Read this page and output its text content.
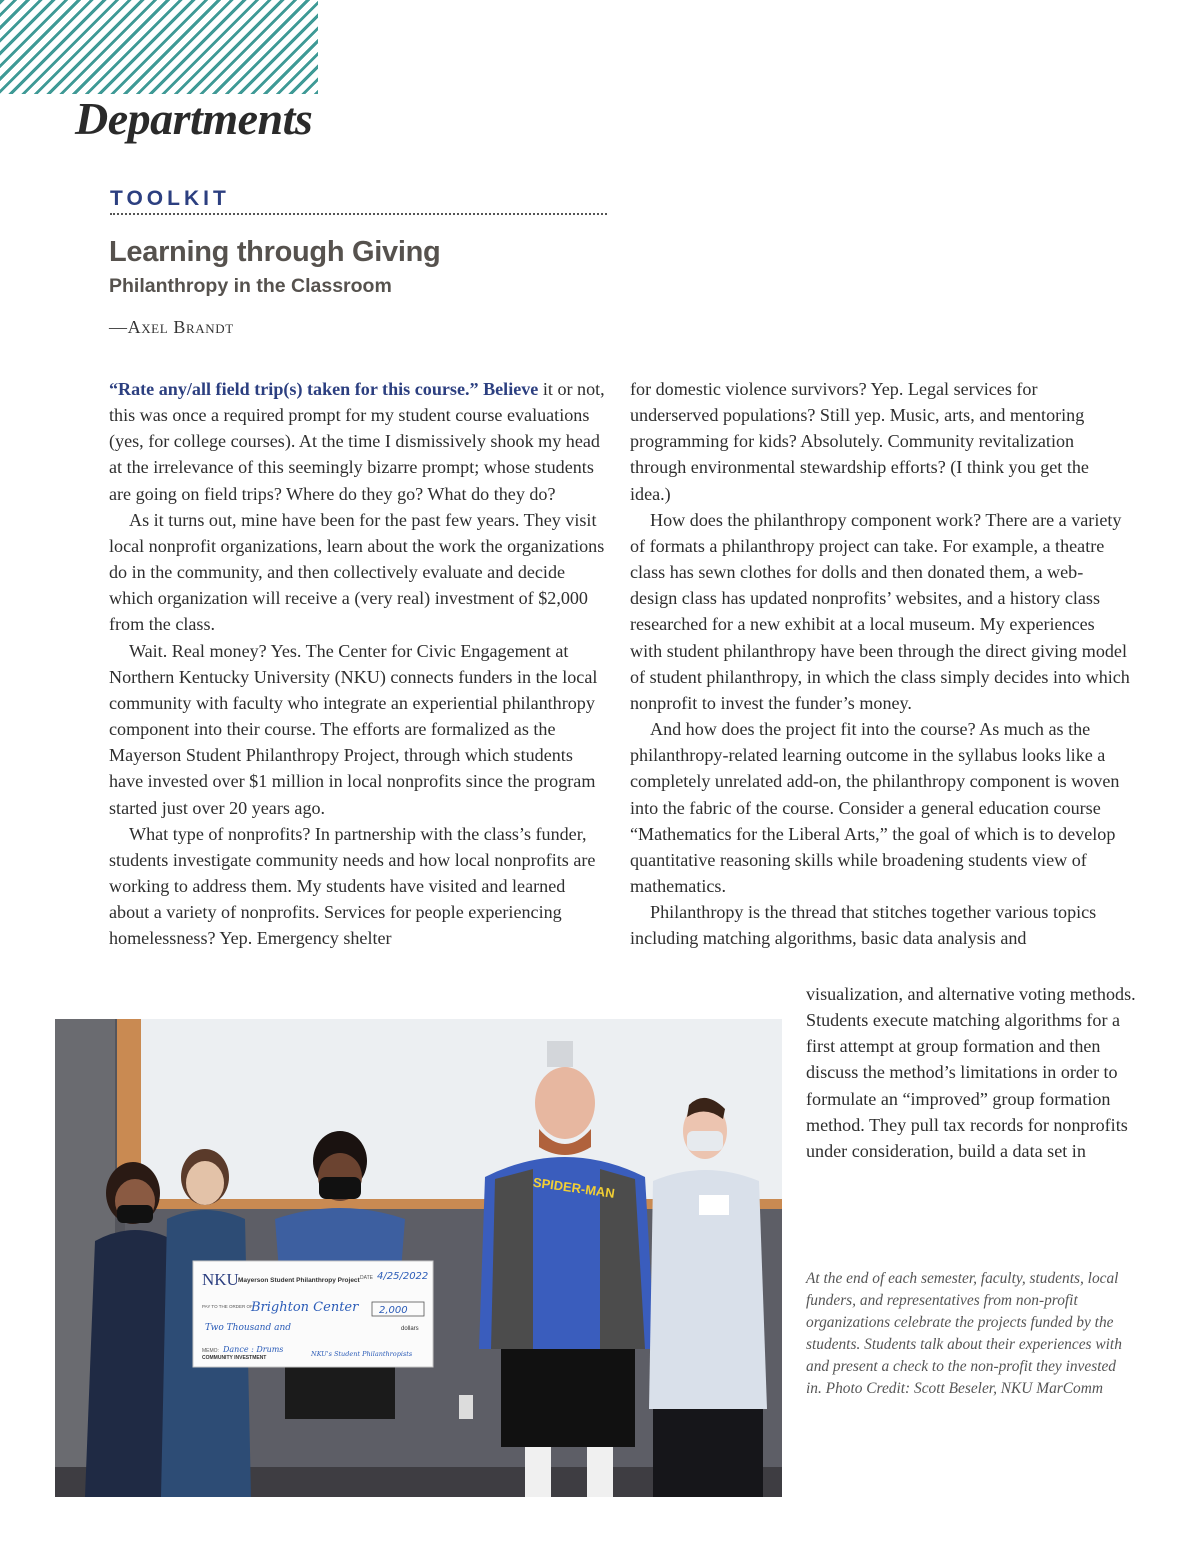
Departments
TOOLKIT
Learning through Giving
Philanthropy in the Classroom
—Axel Brandt

“Rate any/all field trip(s) taken for this course.” Believe it or not, this was once a required prompt for my student course evaluations (yes, for college courses). At the time I dismissively shook my head at the irrelevance of this seemingly bizarre prompt; whose students are going on field trips? Where do they go? What do they do?

As it turns out, mine have been for the past few years. They visit local nonprofit organizations, learn about the work the organizations do in the community, and then collectively evaluate and decide which organization will receive a (very real) investment of $2,000 from the class.

Wait. Real money? Yes. The Center for Civic Engagement at Northern Kentucky University (NKU) connects funders in the local community with faculty who integrate an experiential philanthropy component into their course. The efforts are formalized as the Mayerson Student Philanthropy Project, through which students have invested over $1 million in local nonprofits since the program started just over 20 years ago.

What type of nonprofits? In partnership with the class’s funder, students investigate community needs and how local nonprofits are working to address them. My students have visited and learned about a variety of nonprofits. Services for people experiencing homelessness? Yep. Emergency shelter

for domestic violence survivors? Yep. Legal services for underserved populations? Still yep. Music, arts, and mentoring programming for kids? Absolutely. Community revitalization through environmental stewardship efforts? (I think you get the idea.)

How does the philanthropy component work? There are a variety of formats a philanthropy project can take. For example, a theatre class has sewn clothes for dolls and then donated them, a web-design class has updated nonprofits’ websites, and a history class researched for a new exhibit at a local museum. My experiences with student philanthropy have been through the direct giving model of student philanthropy, in which the class simply decides into which nonprofit to invest the funder’s money.

And how does the project fit into the course? As much as the philanthropy-related learning outcome in the syllabus looks like a completely unrelated add-on, the philanthropy component is woven into the fabric of the course. Consider a general education course “Mathematics for the Liberal Arts,” the goal of which is to develop quantitative reasoning skills while broadening students view of mathematics.

Philanthropy is the thread that stitches together various topics including matching algorithms, basic data analysis and

visualization, and alternative voting methods. Students execute matching algorithms for a first attempt at group formation and then discuss the method’s limitations in order to formulate an “improved” group formation method. They pull tax records for nonprofits under consideration, build a data set in

SPIDER-MAN
NKU Mayerson Student Philanthropy Project DATE 4/25/2022
PAY TO THE ORDER OF
Brighton Center 2,000
Two Thousand and	dollars
MEMO: Dance : Drums
COMMUNITY INVESTMENT	NKU's Student Philanthropists
At the end of each semester, faculty, students, local funders, and representatives from non-profit organizations celebrate the projects funded by the students. Students talk about their experiences with and present a check to the non-profit they invested in. Photo Credit: Scott Beseler, NKU MarComm
